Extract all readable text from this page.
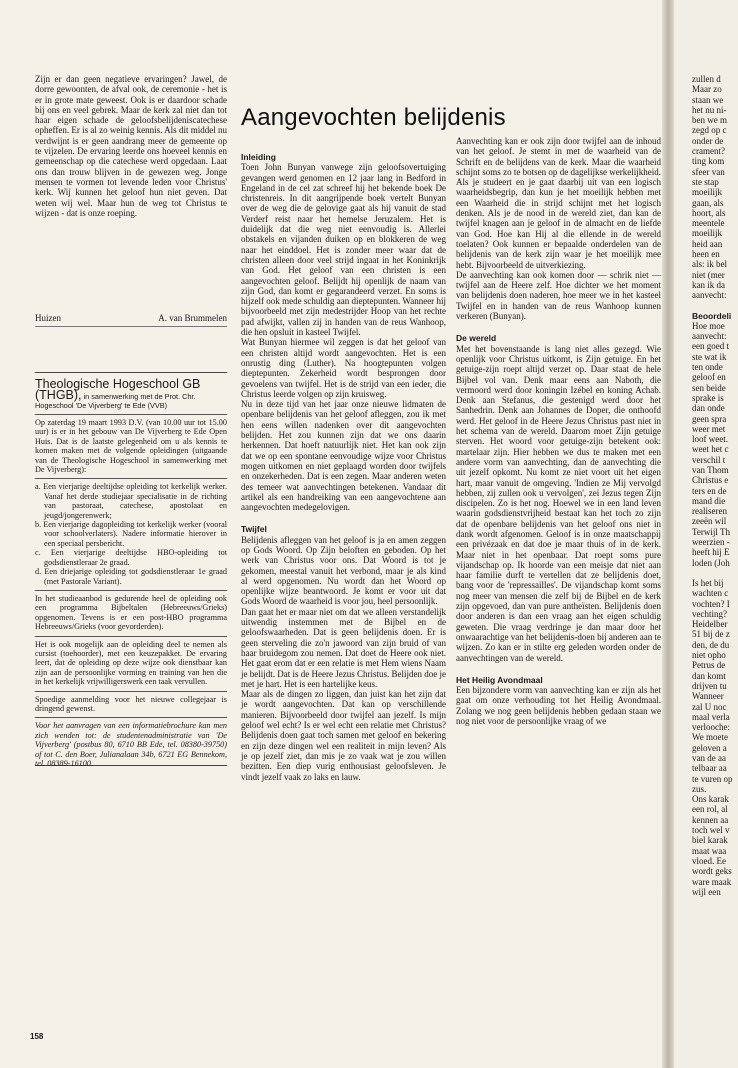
Zijn er dan geen negatieve ervaringen? Jawel, de dorre gewoonten, de afval ook, de ceremonie - het is er in grote mate geweest. Ook is er daardoor schade bij ons en veel gebrek. Maar de kerk zal niet dan tot haar eigen schade de geloofsbelijdeniscatechese opheffen. Er is al zo weinig kennis. Als dit middel nu verdwijnt is er geen aandrang meer de gemeente op te vijzelen. De ervaring leerde ons hoeveel kennis en gemeenschap op die catechese werd opgedaan. Laat ons dan trouw blijven in de gewezen weg. Jonge mensen te vormen tot levende leden voor Christus' kerk. Wij kunnen het geloof hun niet geven. Dat weten wij wel. Maar hun de weg tot Christus te wijzen - dat is onze roeping.

Huizen	A. van Brummelen
Theologische Hogeschool GB
(THGB), in samenwerking met de Prot. Chr. Hogeschool 'De Vijverberg' te Ede (VVB)

Op zaterdag 19 maart 1993 D.V. (van 10.00 uur tot 15.00 uur) is er in het gebouw van De Vijverberg te Ede Open Huis. Dat is de laatste gelegenheid om u als kennis te komen maken met de volgende opleidingen (uitgaande van de Theologische Hogeschool in samenwerking met De Vijverberg):

a. Een vierjarige deeltijdse opleiding tot kerkelijk werker. Vanaf het derde studiejaar specialisatie in de richting van pastoraat, catechese, apostolaat en jeugd/jongerenwerk;
b. Een vierjarige dagopleiding tot kerkelijk werker (vooral voor schoolverlaters). Nadere informatie hierover in een speciaal persbericht.
c. Een vierjarige deeltijdse HBO-opleiding tot godsdienstleraar 2e graad.
d. Een driejarige opleiding tot godsdienstleraar 1e graad (met Pastorale Variant).

In het studieaanbod is gedurende heel de opleiding ook een programma Bijbeltalen (Hebreeuws/Grieks) opgenomen. Tevens is er een post-HBO programma Hebreeuws/Grieks (voor gevorderden).

Het is ook mogelijk aan de opleiding deel te nemen als cursist (toehoorder), met een keuzepakket. De ervaring leert, dat de opleiding op deze wijze ook dienstbaar kan zijn aan de persoonlijke vorming en training van hen die in het kerkelijk vrijwilligerswerk een taak vervullen.

Spoedige aanmelding voor het nieuwe collegejaar is dringend gewenst.

Voor het aanvragen van een informatiebrochure kan men zich wenden tot: de studentenadministratie van 'De Vijverberg' (postbus 80, 6710 BB Ede, tel. 08380-39750) of tot C. den Boer, Julianalaan 34b, 6721 EG Bennekom, tel. 08389-16100.

Aangevochten belijdenis
Inleiding

Toen John Bunyan vanwege zijn geloofsovertuiging gevangen werd genomen en 12 jaar lang in Bedford in Engeland in de cel zat schreef hij het bekende boek De christenreis. In dit aangrijpende boek vertelt Bunyan over de weg die de gelovige gaat als hij vanuit de stad Verderf reist naar het hemelse Jeruzalem. Het is duidelijk dat die weg niet eenvoudig is. Allerlei obstakels en vijanden duiken op en blokkeren de weg naar het einddoel. Het is zonder meer waar dat de christen alleen door veel strijd ingaat in het Koninkrijk van God. Het geloof van een christen is een aangevochten geloof. Belijdt hij openlijk de naam van zijn God, dan komt er gegarandeerd verzet. En soms is hijzelf ook mede schuldig aan dieptepunten. Wanneer hij bijvoorbeeld met zijn medestrijder Hoop van het rechte pad afwijkt, vallen zij in handen van de reus Wanhoop, die hen opsluit in kasteel Twijfel.

Wat Bunyan hiermee wil zeggen is dat het geloof van een christen altijd wordt aangevochten. Het is een onrustig ding (Luther). Na hoogtepunten volgen dieptepunten. Zekerheid wordt besprongen door gevoelens van twijfel. Het is de strijd van een ieder, die Christus leerde volgen op zijn kruisweg.

Nu in deze tijd van het jaar onze nieuwe lidmaten de openbare belijdenis van het geloof afleggen, zou ik met hen eens willen nadenken over dit aangevochten belijden. Het zou kunnen zijn dat we ons daarin herkennen. Dat hoeft natuurlijk niet. Het kan ook zijn dat we op een spontane eenvoudige wijze voor Christus mogen uitkomen en niet geplaagd worden door twijfels en onzekerheden. Dat is een zegen. Maar anderen weten des temeer wat aanvechtingen betekenen. Vandaar dit artikel als een handreiking van een aangevochtene aan aangevochten medegelovigen.

Twijfel

Belijdenis afleggen van het geloof is ja en amen zeggen op Gods Woord. Op Zijn beloften en geboden. Op het werk van Christus voor ons. Dat Woord is tot je gekomen, meestal vanuit het verbond, maar je als kind al werd opgenomen. Nu wordt dan het Woord op openlijke wijze beantwoord. Je komt er voor uit dat Gods Woord de waarheid is voor jou, heel persoonlijk.

Dan gaat het er maar niet om dat we alleen verstandelijk uitwendig instemmen met de Bijbel en de geloofswaarheden. Dat is geen belijdenis doen. Er is geen sterveling die zo'n jawoord van zijn bruid of van haar bruidegom zou nemen. Dat doet de Heere ook niet. Het gaat erom dat er een relatie is met Hem wiens Naam je belijdt. Dat is de Heere Jezus Christus. Belijden doe je met je hart. Het is een hartelijke keus.

Maar als de dingen zo liggen, dan juist kan het zijn dat je wordt aangevochten. Dat kan op verschillende manieren. Bijvoorbeeld door twijfel aan jezelf. Is mijn geloof wel echt? Is er wel echt een relatie met Christus? Belijdenis doen gaat toch samen met geloof en bekering en zijn deze dingen wel een realiteit in mijn leven? Als je op jezelf ziet, dan mis je zo vaak wat je zou willen bezitten. Een diep vurig enthousiast geloofsleven. Je vindt jezelf vaak zo laks en lauw.

Aanvechting kan er ook zijn door twijfel aan de inhoud van het geloof. Je stemt in met de waarheid van de Schrift en de belijdens van de kerk. Maar die waarheid schijnt soms zo te botsen op de dagelijkse werkelijkheid. Als je studeert en je gaat daarbij uit van een logisch waarheidsbegrip, dan kun je het moeilijk hebben met een Waarheid die in strijd schijnt met het logisch denken. Als je de nood in de wereld ziet, dan kan de twijfel knagen aan je geloof in de almacht en de liefde van God. Hoe kan Hij al die ellende in de wereld toelaten? Ook kunnen er bepaalde onderdelen van de belijdenis van de kerk zijn waar je het moeilijk mee hebt. Bijvoorbeeld de uitverkiezing.

De aanvechting kan ook komen door — schrik niet — twijfel aan de Heere zelf. Hoe dichter we het moment van belijdenis doen naderen, hoe meer we in het kasteel Twijfel en in handen van de reus Wanhoop kunnen verkeren (Bunyan).

De wereld

Met het bovenstaande is lang niet alles gezegd. Wie openlijk voor Christus uitkomt, is Zijn getuige. En het getuige-zijn roept altijd verzet op. Daar staat de hele Bijbel vol van. Denk maar eens aan Naboth, die vermoord werd door koningin Izébel en koning Achab. Denk aan Stefanus, die gestenigd werd door het Sanhedrin. Denk aan Johannes de Doper, die onthoofd werd. Het geloof in de Heere Jezus Christus past niet in het schema van de wereld. Daarom moet Zijn getuige sterven. Het woord voor getuige-zijn betekent ook: martelaar zijn. Hier hebben we dus te maken met een andere vorm van aanvechting, dan de aanvechting die uit jezelf opkomt. Nu komt ze niet voort uit het eigen hart, maar vanuit de omgeving. 'Indien ze Mij vervolgd hebben, zij zullen ook u vervolgen', zei Jezus tegen Zijn discipelen. Zo is het nog. Hoewel we in een land leven waarin godsdienstvrijheid bestaat kan het toch zo zijn dat de openbare belijdenis van het geloof ons niet in dank wordt afgenomen. Geloof is in onze maatschappij een privézaak en dat doe je maar thuis of in de kerk. Maar niet in het openbaar. Dat roept soms pure vijandschap op. Ik hoorde van een meisje dat niet aan haar familie durft te vertellen dat ze belijdenis doet, bang voor de 'repressailles'. De vijandschap komt soms nog meer van mensen die zelf bij de Bijbel en de kerk zijn opgevoed, dan van pure antheïsten. Belijdenis doen door anderen is dan een vraag aan het eigen schuldig geweten. Die vraag verdringe je dan maar door het onwaarachtige van het belijdenis-doen bij anderen aan te wijzen. Zo kan er in stilte erg geleden worden onder de aanvechtingen van de wereld.

Het Heilig Avondmaal

Een bijzondere vorm van aanvechting kan er zijn als het gaat om onze verhouding tot het Heilig Avondmaal. Zolang we nog geen belijdenis hebben gedaan staan we nog niet voor de persoonlijke vraag of we

158

zullen d

Maar zo

staan we

het nu ni-

ben we m

zegd op c

onder de

crament?

ting kom

sfeer van

ste stap

moeilijk

gaan, als

hoort, als

meentele

moeilijk

heid aan

heen en

als: ik bel

niet (mer

kan ik da

aanvecht:

Beoordeli

Hoe moe

aanvecht:

een goed t

ste wat ik

ten onde

geloof en

sen beide

sprake is

dan onde

geen spra

weer met

loof weet.

weet het c

verschil t

van Thom

Christus e

ters en de

mand die

realiseren

zeeën wil

Terwijl Th

weerzien -

heeft hij E

loden (Joh

Is het bij

wachten c

vochten? I

vechting?

Heidelber

51 bij de z

den, de du

niet opho

Petrus de

dan komt

drijven tu

Wanneer

zal U noc

maal verla

verlooche:

We moete

geloven a

van de aa

telbaar aa

te vuren op

zus.

Ons karak

een rol, al

kennen aa

toch wel v

biel karak

maat waa

vloed. Ee

wordt geks

ware maak

wijl een
